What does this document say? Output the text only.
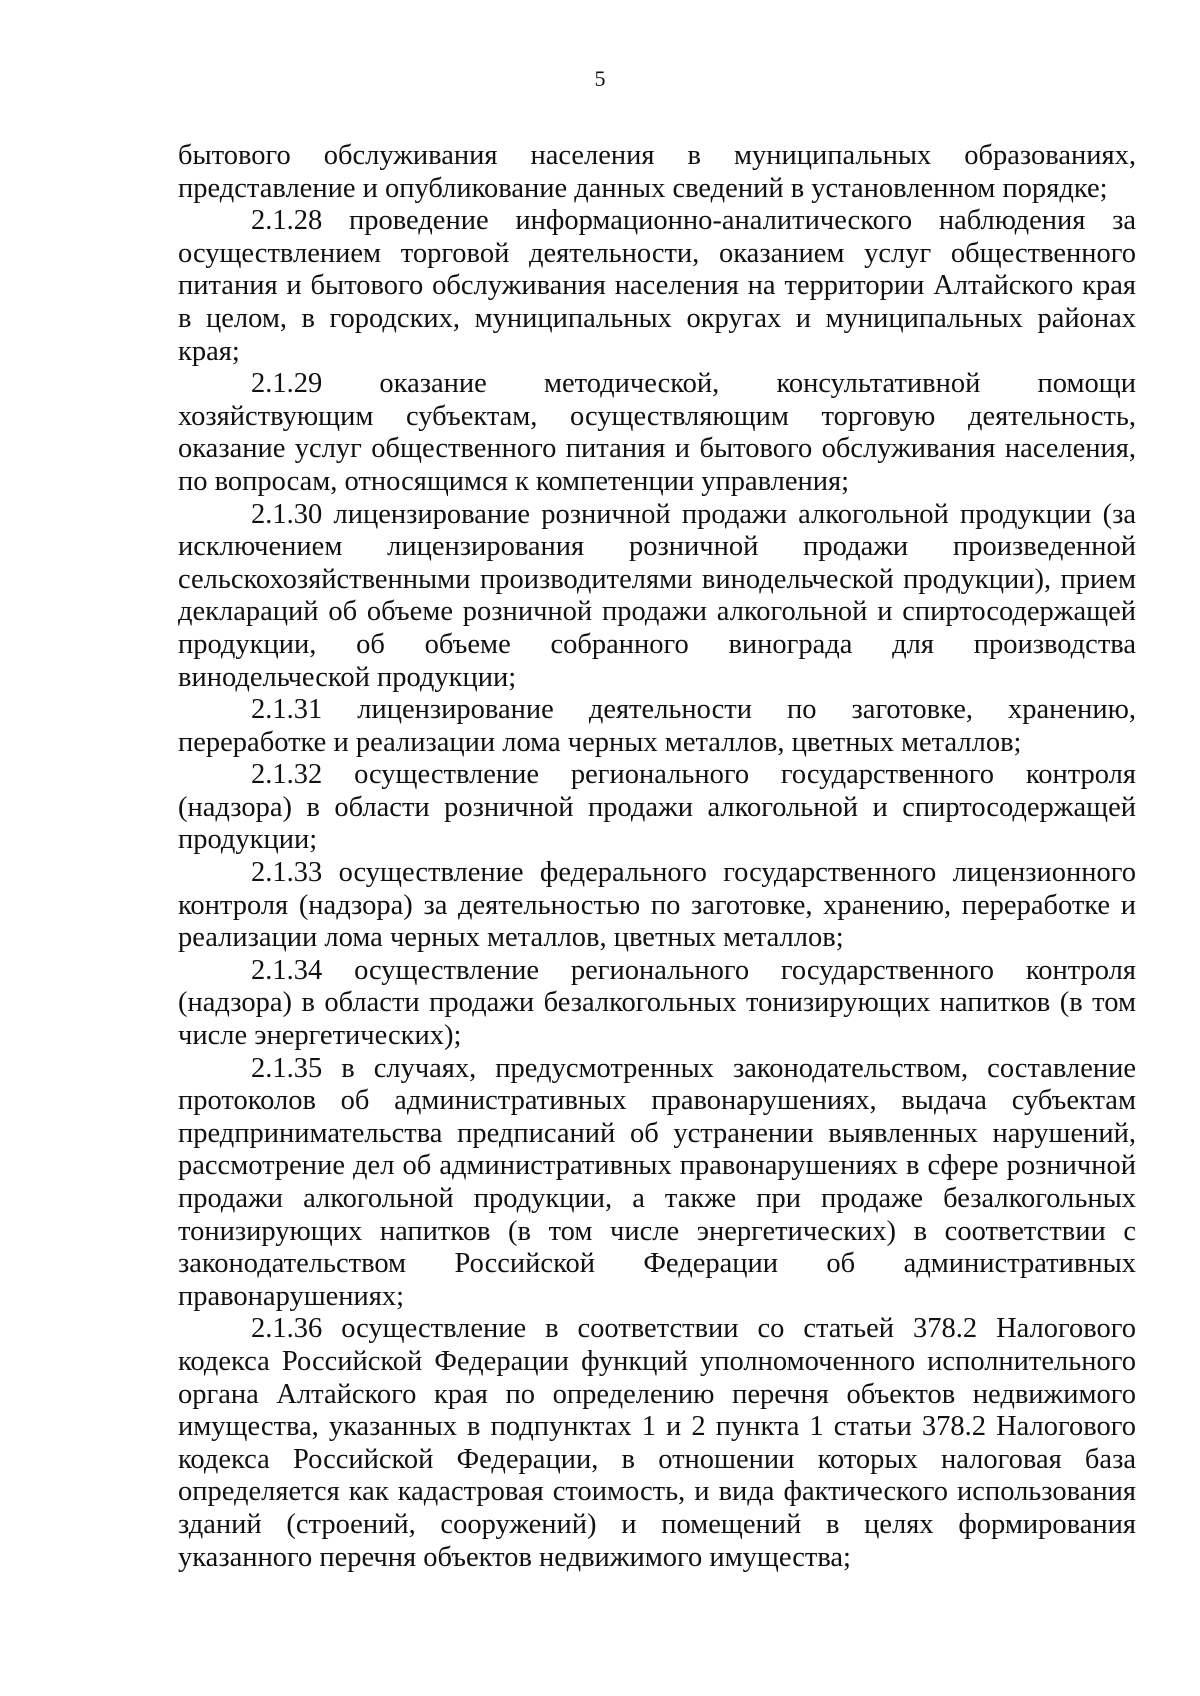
5
бытового обслуживания населения в муниципальных образованиях,
представление и опубликование данных сведений в установленном порядке;
2.1.28 проведение информационно-аналитического наблюдения за
осуществлением торговой деятельности, оказанием услуг общественного
питания и бытового обслуживания населения на территории Алтайского края
в целом, в городских, муниципальных округах и муниципальных районах
края;
2.1.29 оказание методической, консультативной помощи
хозяйствующим субъектам, осуществляющим торговую деятельность,
оказание услуг общественного питания и бытового обслуживания населения,
по вопросам, относящимся к компетенции управления;
2.1.30 лицензирование розничной продажи алкогольной продукции (за
исключением лицензирования розничной продажи произведенной
сельскохозяйственными производителями винодельческой продукции), прием
деклараций об объеме розничной продажи алкогольной и спиртосодержащей
продукции, об объеме собранного винограда для производства
винодельческой продукции;
2.1.31 лицензирование деятельности по заготовке, хранению,
переработке и реализации лома черных металлов, цветных металлов;
2.1.32 осуществление регионального государственного контроля
(надзора) в области розничной продажи алкогольной и спиртосодержащей
продукции;
2.1.33 осуществление федерального государственного лицензионного
контроля (надзора) за деятельностью по заготовке, хранению, переработке и
реализации лома черных металлов, цветных металлов;
2.1.34 осуществление регионального государственного контроля
(надзора) в области продажи безалкогольных тонизирующих напитков (в том
числе энергетических);
2.1.35 в случаях, предусмотренных законодательством, составление
протоколов об административных правонарушениях, выдача субъектам
предпринимательства предписаний об устранении выявленных нарушений,
рассмотрение дел об административных правонарушениях в сфере розничной
продажи алкогольной продукции, а также при продаже безалкогольных
тонизирующих напитков (в том числе энергетических) в соответствии с
законодательством Российской Федерации об административных
правонарушениях;
2.1.36 осуществление в соответствии со статьей 378.2 Налогового
кодекса Российской Федерации функций уполномоченного исполнительного
органа Алтайского края по определению перечня объектов недвижимого
имущества, указанных в подпунктах 1 и 2 пункта 1 статьи 378.2 Налогового
кодекса Российской Федерации, в отношении которых налоговая база
определяется как кадастровая стоимость, и вида фактического использования
зданий (строений, сооружений) и помещений в целях формирования
указанного перечня объектов недвижимого имущества;
